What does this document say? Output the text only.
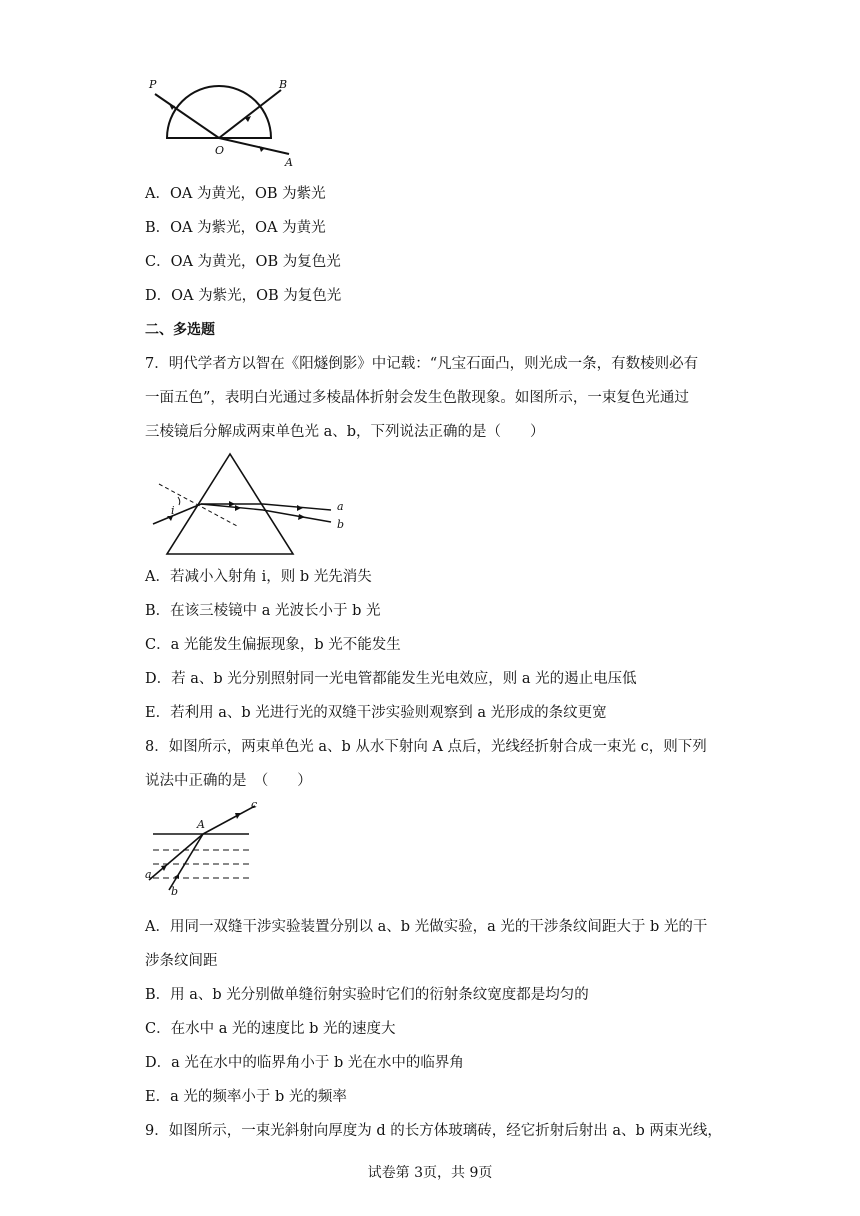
P	B
O
A
A．OA 为黄光，OB 为紫光
B．OA 为紫光，OA 为黄光
C．OA 为黄光，OB 为复色光
D．OA 为紫光，OB 为复色光
二、多选题
7．明代学者方以智在《阳燧倒影》中记载：“凡宝石面凸，则光成一条，有数棱则必有
一面五色”，表明白光通过多棱晶体折射会发生色散现象。如图所示，一束复色光通过
三棱镜后分解成两束单色光 a、b，下列说法正确的是（　　）
i	a
b
A．若减小入射角 i，则 b 光先消失
B．在该三棱镜中 a 光波长小于 b 光
C．a 光能发生偏振现象，b 光不能发生
D．若 a、b 光分别照射同一光电管都能发生光电效应，则 a 光的遏止电压低
E．若利用 a、b 光进行光的双缝干涉实验则观察到 a 光形成的条纹更宽
8．如图所示，两束单色光 a、b 从水下射向 A 点后，光线经折射合成一束光 c，则下列
说法中正确的是　（　　）
A
a
b
c
A．用同一双缝干涉实验装置分别以 a、b 光做实验，a 光的干涉条纹间距大于 b 光的干
涉条纹间距
B．用 a、b 光分别做单缝衍射实验时它们的衍射条纹宽度都是均匀的
C．在水中 a 光的速度比 b 光的速度大
D．a 光在水中的临界角小于 b 光在水中的临界角
E．a 光的频率小于 b 光的频率
9．如图所示，一束光斜射向厚度为 d 的长方体玻璃砖，经它折射后射出 a、b 两束光线，
试卷第 3页，共 9页
